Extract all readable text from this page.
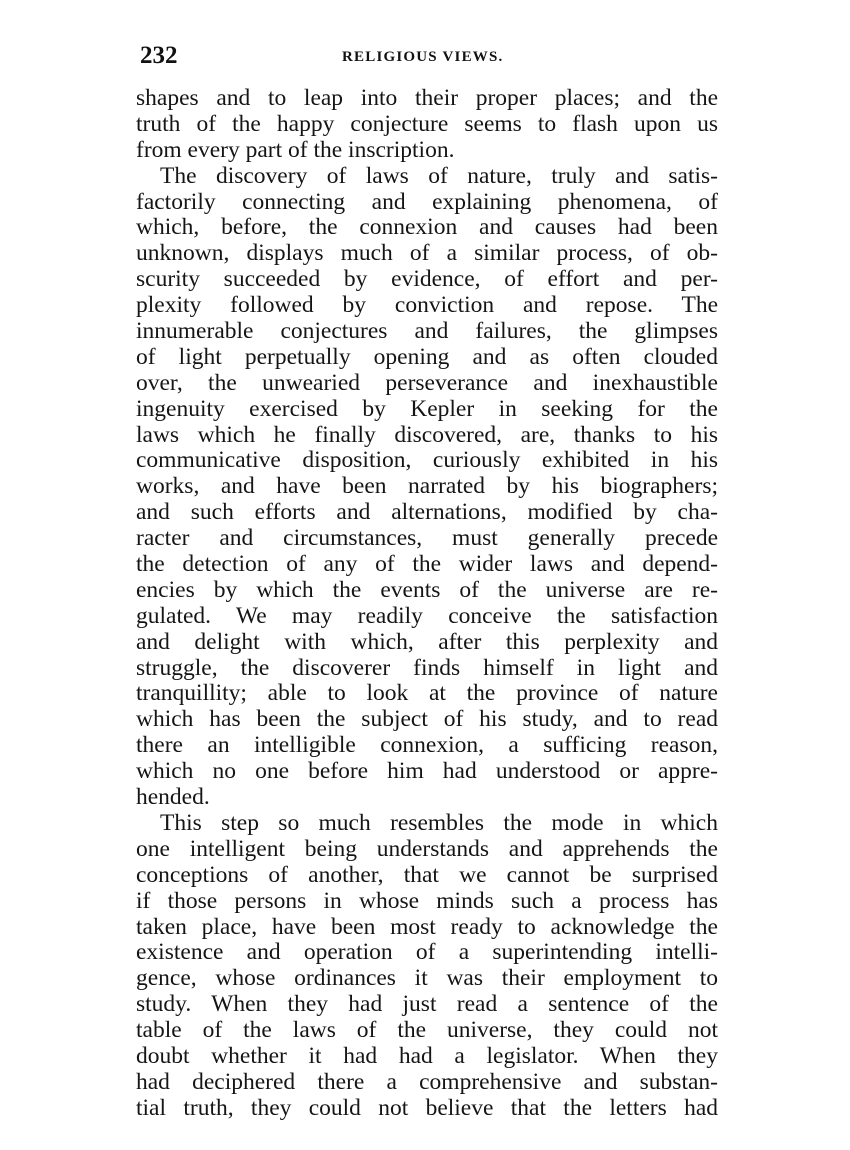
232	RELIGIOUS VIEWS.
shapes and to leap into their proper places; and the
truth of the happy conjecture seems to flash upon us
from every part of the inscription.
The discovery of laws of nature, truly and satis-
factorily connecting and explaining phenomena, of
which, before, the connexion and causes had been
unknown, displays much of a similar process, of ob-
scurity succeeded by evidence, of effort and per-
plexity followed by conviction and repose. The
innumerable conjectures and failures, the glimpses
of light perpetually opening and as often clouded
over, the unwearied perseverance and inexhaustible
ingenuity exercised by Kepler in seeking for the
laws which he finally discovered, are, thanks to his
communicative disposition, curiously exhibited in his
works, and have been narrated by his biographers;
and such efforts and alternations, modified by cha-
racter and circumstances, must generally precede
the detection of any of the wider laws and depend-
encies by which the events of the universe are re-
gulated. We may readily conceive the satisfaction
and delight with which, after this perplexity and
struggle, the discoverer finds himself in light and
tranquillity; able to look at the province of nature
which has been the subject of his study, and to read
there an intelligible connexion, a sufficing reason,
which no one before him had understood or appre-
hended.
This step so much resembles the mode in which
one intelligent being understands and apprehends the
conceptions of another, that we cannot be surprised
if those persons in whose minds such a process has
taken place, have been most ready to acknowledge the
existence and operation of a superintending intelli-
gence, whose ordinances it was their employment to
study. When they had just read a sentence of the
table of the laws of the universe, they could not
doubt whether it had had a legislator. When they
had deciphered there a comprehensive and substan-
tial truth, they could not believe that the letters had
